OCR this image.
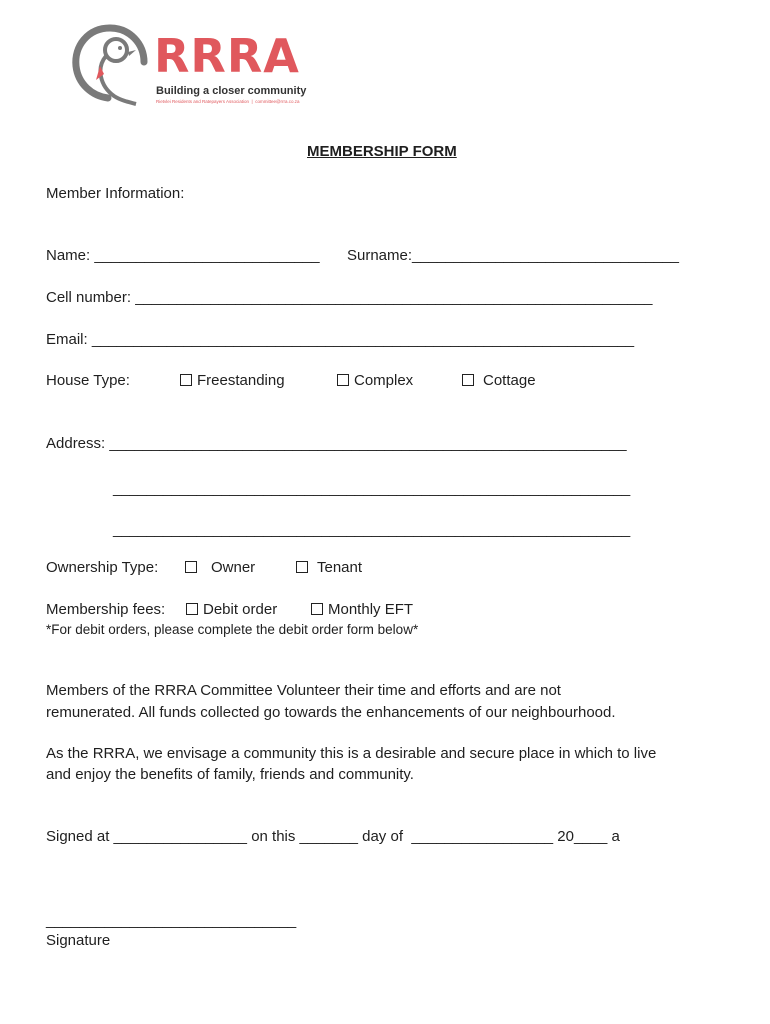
RRRA
Building a closer community
Rietvlei Residents and Ratepayers Association  |  committee@rrra.co.za
MEMBERSHIP FORM
Member Information:
Name: ___________________________ Surname:________________________________
Cell number: ______________________________________________________________
Email: _________________________________________________________________
House Type:	Freestanding	Complex	Cottage
Address: ______________________________________________________________
______________________________________________________________
______________________________________________________________
Ownership Type:	Owner	Tenant
Membership fees:	Debit order	Monthly EFT
*For debit orders, please complete the debit order form below*
Members of the RRRA Committee Volunteer their time and efforts and are not
remunerated. All funds collected go towards the enhancements of our neighbourhood.
As the RRRA, we envisage a community this is a desirable and secure place in which to live
and enjoy the benefits of family, friends and community.
Signed at ________________ on this _______ day of  _________________ 20____ a
______________________________
Signature
